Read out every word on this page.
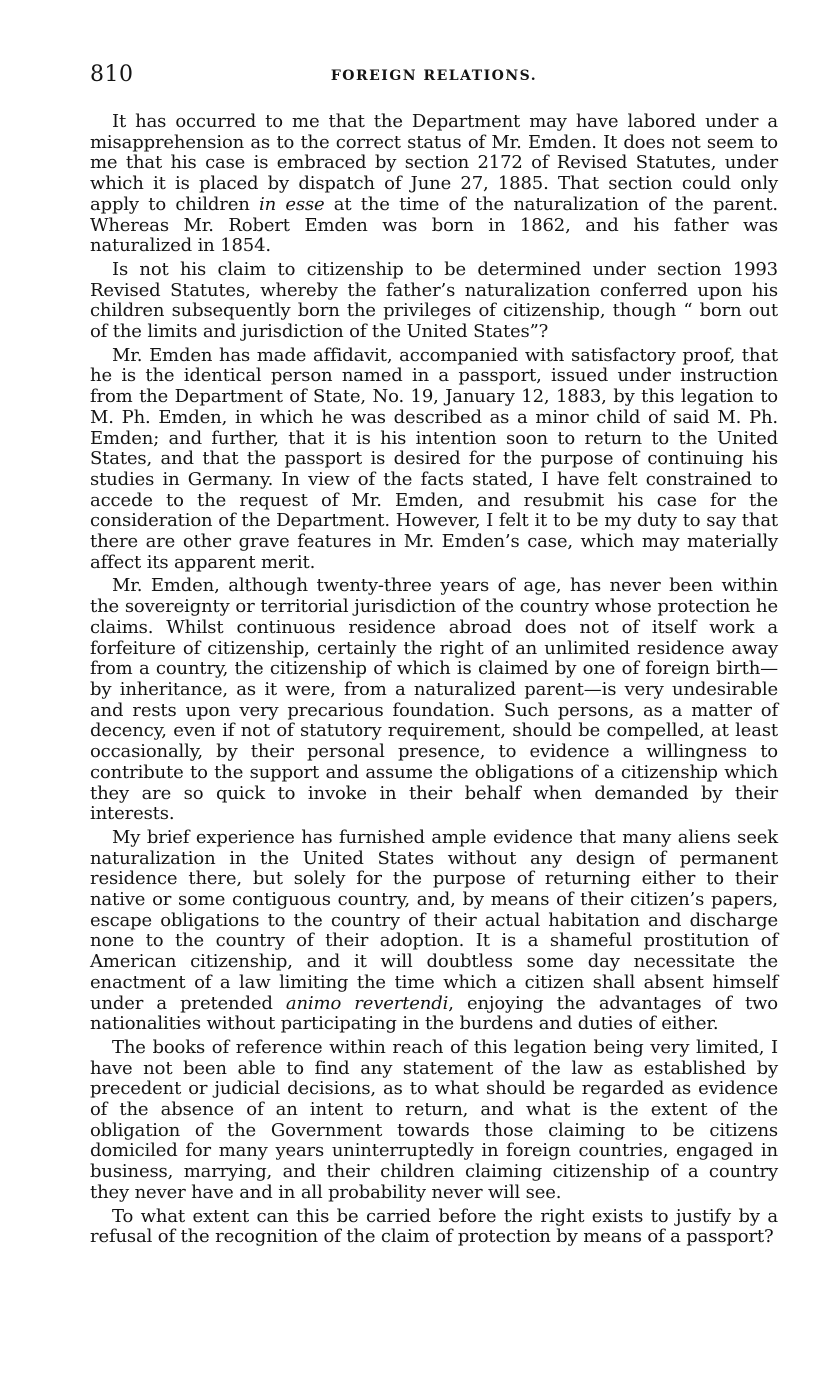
810	FOREIGN RELATIONS.

It has occurred to me that the Department may have labored under a misapprehension as to the correct status of Mr. Emden. It does not seem to me that his case is embraced by section 2172 of Revised Statutes, under which it is placed by dispatch of June 27, 1885. That section could only apply to children in esse at the time of the naturalization of the parent. Whereas Mr. Robert Emden was born in 1862, and his father was naturalized in 1854.

Is not his claim to citizenship to be determined under section 1993 Revised Statutes, whereby the father’s naturalization conferred upon his children subsequently born the privileges of citizenship, though “ born out of the limits and jurisdiction of the United States”?

Mr. Emden has made affidavit, accompanied with satisfactory proof, that he is the identical person named in a passport, issued under instruction from the Department of State, No. 19, January 12, 1883, by this legation to M. Ph. Emden, in which he was described as a minor child of said M. Ph. Emden; and further, that it is his intention soon to return to the United States, and that the passport is desired for the purpose of continuing his studies in Germany. In view of the facts stated, I have felt constrained to accede to the request of Mr. Emden, and resubmit his case for the consideration of the Department. However, I felt it to be my duty to say that there are other grave features in Mr. Emden’s case, which may materially affect its apparent merit.

Mr. Emden, although twenty-three years of age, has never been within the sovereignty or territorial jurisdiction of the country whose protection he claims. Whilst continuous residence abroad does not of itself work a forfeiture of citizenship, certainly the right of an unlimited residence away from a country, the citizenship of which is claimed by one of foreign birth—by inheritance, as it were, from a naturalized parent—is very undesirable and rests upon very precarious foundation. Such persons, as a matter of decency, even if not of statutory requirement, should be compelled, at least occasionally, by their personal presence, to evidence a willingness to contribute to the support and assume the obligations of a citizenship which they are so quick to invoke in their behalf when demanded by their interests.

My brief experience has furnished ample evidence that many aliens seek naturalization in the United States without any design of permanent residence there, but solely for the purpose of returning either to their native or some contiguous country, and, by means of their citizen’s papers, escape obligations to the country of their actual habitation and discharge none to the country of their adoption. It is a shameful prostitution of American citizenship, and it will doubtless some day necessitate the enactment of a law limiting the time which a citizen shall absent himself under a pretended animo revertendi, enjoying the advantages of two nationalities without participating in the burdens and duties of either.

The books of reference within reach of this legation being very limited, I have not been able to find any statement of the law as established by precedent or judicial decisions, as to what should be regarded as evidence of the absence of an intent to return, and what is the extent of the obligation of the Government towards those claiming to be citizens domiciled for many years uninterruptedly in foreign countries, engaged in business, marrying, and their children claiming citizenship of a country they never have and in all probability never will see.

To what extent can this be carried before the right exists to justify by a refusal of the recognition of the claim of protection by means of a passport?
